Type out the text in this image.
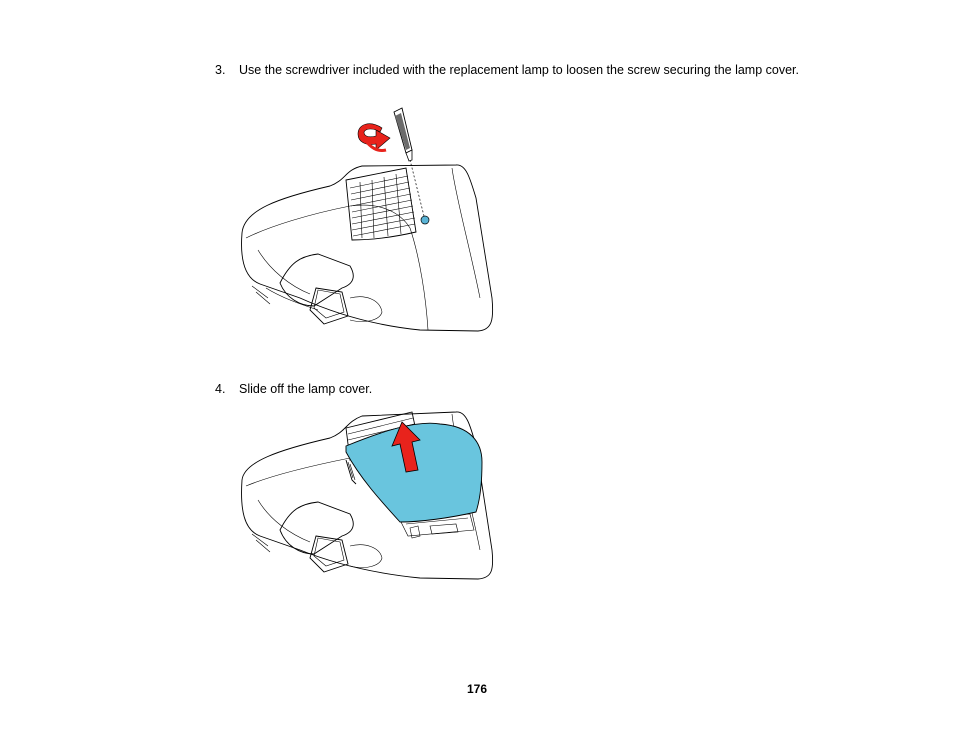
3. Use the screwdriver included with the replacement lamp to loosen the screw securing the lamp cover.
4. Slide off the lamp cover.
176
